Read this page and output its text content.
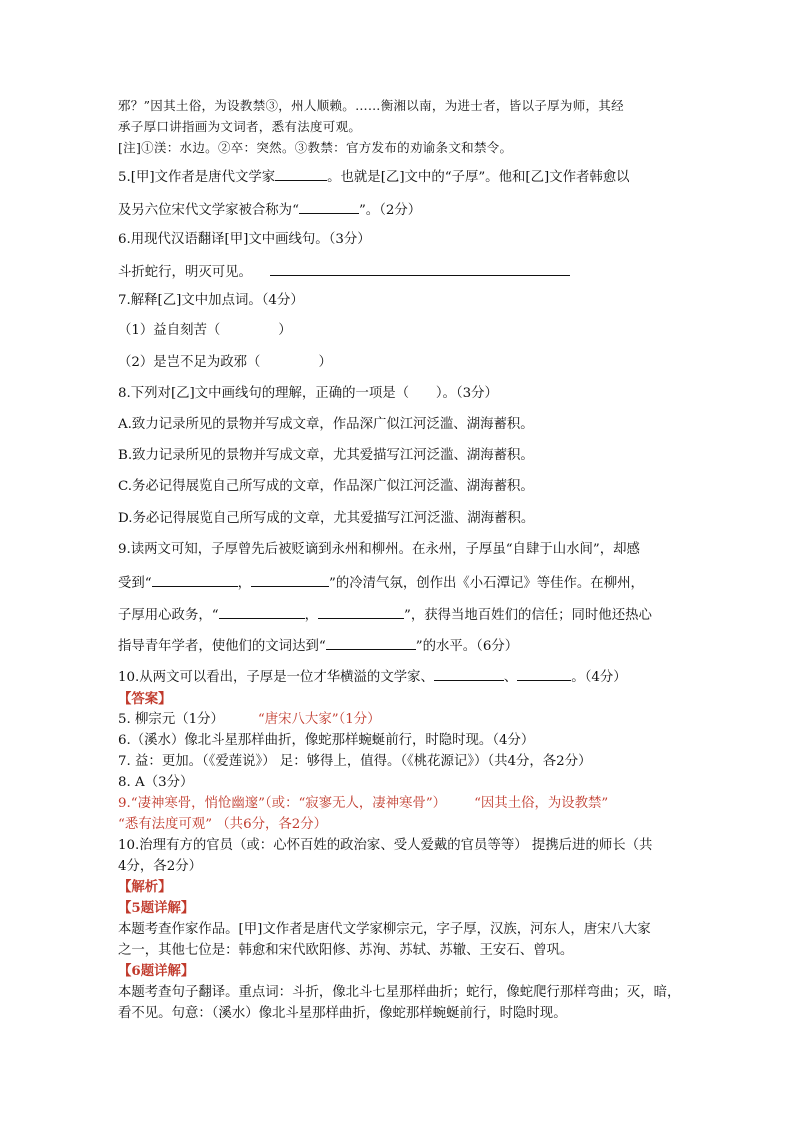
邪？”因其土俗，为设教禁③，州人顺赖。……衡湘以南，为进士者，皆以子厚为师，其经
承子厚口讲指画为文词者，悉有法度可观。
[注]①渼：水边。②卒：突然。③教禁：官方发布的劝谕条文和禁令。
5.[甲]文作者是唐代文学家	。也就是[乙]文中的“子厚”。他和[乙]文作者韩愈以
及另六位宋代文学家被合称为“	”。（2分）
6.用现代汉语翻译[甲]文中画线句。（3分）
斗折蛇行，明灭可见。
7.解释[乙]文中加点词。（4分）
（1）益自刻苦（	）
（2）是岂不足为政邪（	）
8.下列对[乙]文中画线句的理解，正确的一项是（　　）。（3分）
A.致力记录所见的景物并写成文章，作品深广似江河泛滥、湖海蓄积。
B.致力记录所见的景物并写成文章，尤其爱描写江河泛滥、湖海蓄积。
C.务必记得展览自己所写成的文章，作品深广似江河泛滥、湖海蓄积。
D.务必记得展览自己所写成的文章，尤其爱描写江河泛滥、湖海蓄积。
9.读两文可知，子厚曾先后被贬谪到永州和柳州。在永州，子厚虽“自肆于山水间”，却感
受到“	，	”的冷清气氛，创作出《小石潭记》等佳作。在柳州，
子厚用心政务，“	，	”，获得当地百姓们的信任；同时他还热心
指导青年学者，使他们的文词达到“	”的水平。（6分）
10.从两文可以看出，子厚是一位才华横溢的文学家、	、	。（4分）
【答案】
5. 柳宗元（1分）	“唐宋八大家”（1分）
6.（溪水）像北斗星那样曲折，像蛇那样蜿蜒前行，时隐时现。（4分）
7. 益：更加。（《爱莲说》） 足：够得上，值得。（《桃花源记》）（共4分，各2分）
8. A（3分）
9.“凄神寒骨，悄怆幽邃”（或：“寂寥无人，凄神寒骨”） “因其土俗，为设教禁”
“悉有法度可观” （共6分，各2分）
10.治理有方的官员（或：心怀百姓的政治家、受人爱戴的官员等等） 提携后进的师长（共
4分，各2分）
【解析】
【5题详解】
本题考查作家作品。[甲]文作者是唐代文学家柳宗元，字子厚，汉族，河东人，唐宋八大家
之一，其他七位是：韩愈和宋代欧阳修、苏洵、苏轼、苏辙、王安石、曾巩。
【6题详解】
本题考查句子翻译。重点词：斗折，像北斗七星那样曲折；蛇行，像蛇爬行那样弯曲；灭，暗，
看不见。句意：（溪水）像北斗星那样曲折，像蛇那样蜿蜒前行，时隐时现。
